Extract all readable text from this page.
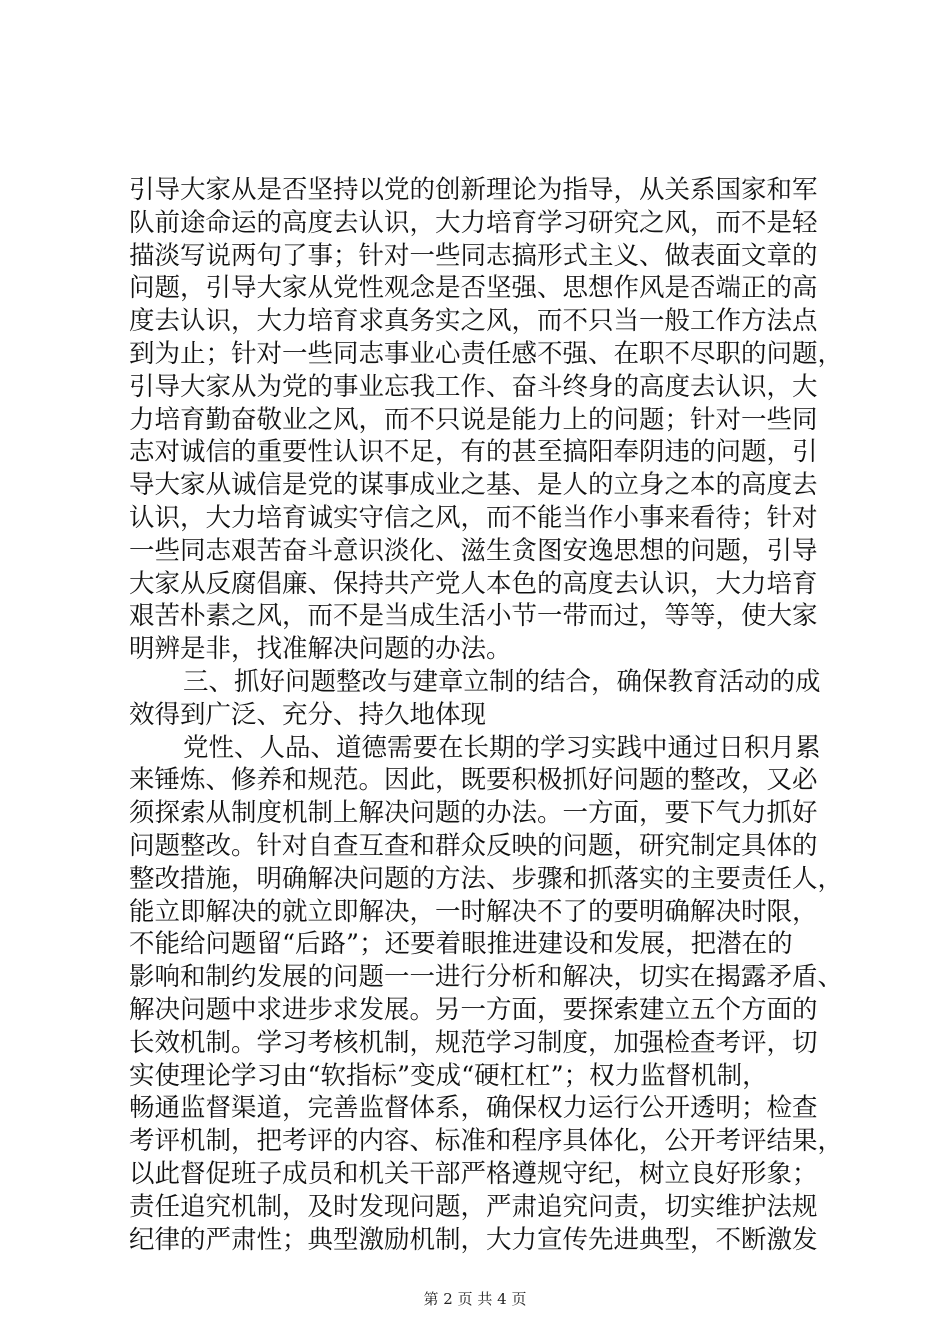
引导大家从是否坚持以党的创新理论为指导，从关系国家和军
队前途命运的高度去认识，大力培育学习研究之风，而不是轻
描淡写说两句了事；针对一些同志搞形式主义、做表面文章的
问题，引导大家从党性观念是否坚强、思想作风是否端正的高
度去认识，大力培育求真务实之风，而不只当一般工作方法点
到为止；针对一些同志事业心责任感不强、在职不尽职的问题，
引导大家从为党的事业忘我工作、奋斗终身的高度去认识，大
力培育勤奋敬业之风，而不只说是能力上的问题；针对一些同
志对诚信的重要性认识不足，有的甚至搞阳奉阴违的问题，引
导大家从诚信是党的谋事成业之基、是人的立身之本的高度去
认识，大力培育诚实守信之风，而不能当作小事来看待；针对
一些同志艰苦奋斗意识淡化、滋生贪图安逸思想的问题，引导
大家从反腐倡廉、保持共产党人本色的高度去认识，大力培育
艰苦朴素之风，而不是当成生活小节一带而过，等等，使大家
明辨是非，找准解决问题的办法。
三、抓好问题整改与建章立制的结合，确保教育活动的成
效得到广泛、充分、持久地体现
党性、人品、道德需要在长期的学习实践中通过日积月累
来锤炼、修养和规范。因此，既要积极抓好问题的整改，又必
须探索从制度机制上解决问题的办法。一方面，要下气力抓好
问题整改。针对自查互查和群众反映的问题，研究制定具体的
整改措施，明确解决问题的方法、步骤和抓落实的主要责任人，
能立即解决的就立即解决，一时解决不了的要明确解决时限，
不能给问题留“后路”；还要着眼推进建设和发展，把潜在的
影响和制约发展的问题一一进行分析和解决，切实在揭露矛盾、
解决问题中求进步求发展。另一方面，要探索建立五个方面的
长效机制。学习考核机制，规范学习制度，加强检查考评，切
实使理论学习由“软指标”变成“硬杠杠”；权力监督机制，
畅通监督渠道，完善监督体系，确保权力运行公开透明；检查
考评机制，把考评的内容、标准和程序具体化，公开考评结果，
以此督促班子成员和机关干部严格遵规守纪，树立良好形象；
责任追究机制，及时发现问题，严肃追究问责，切实维护法规
纪律的严肃性；典型激励机制，大力宣传先进典型，不断激发
第 2 页 共 4 页
